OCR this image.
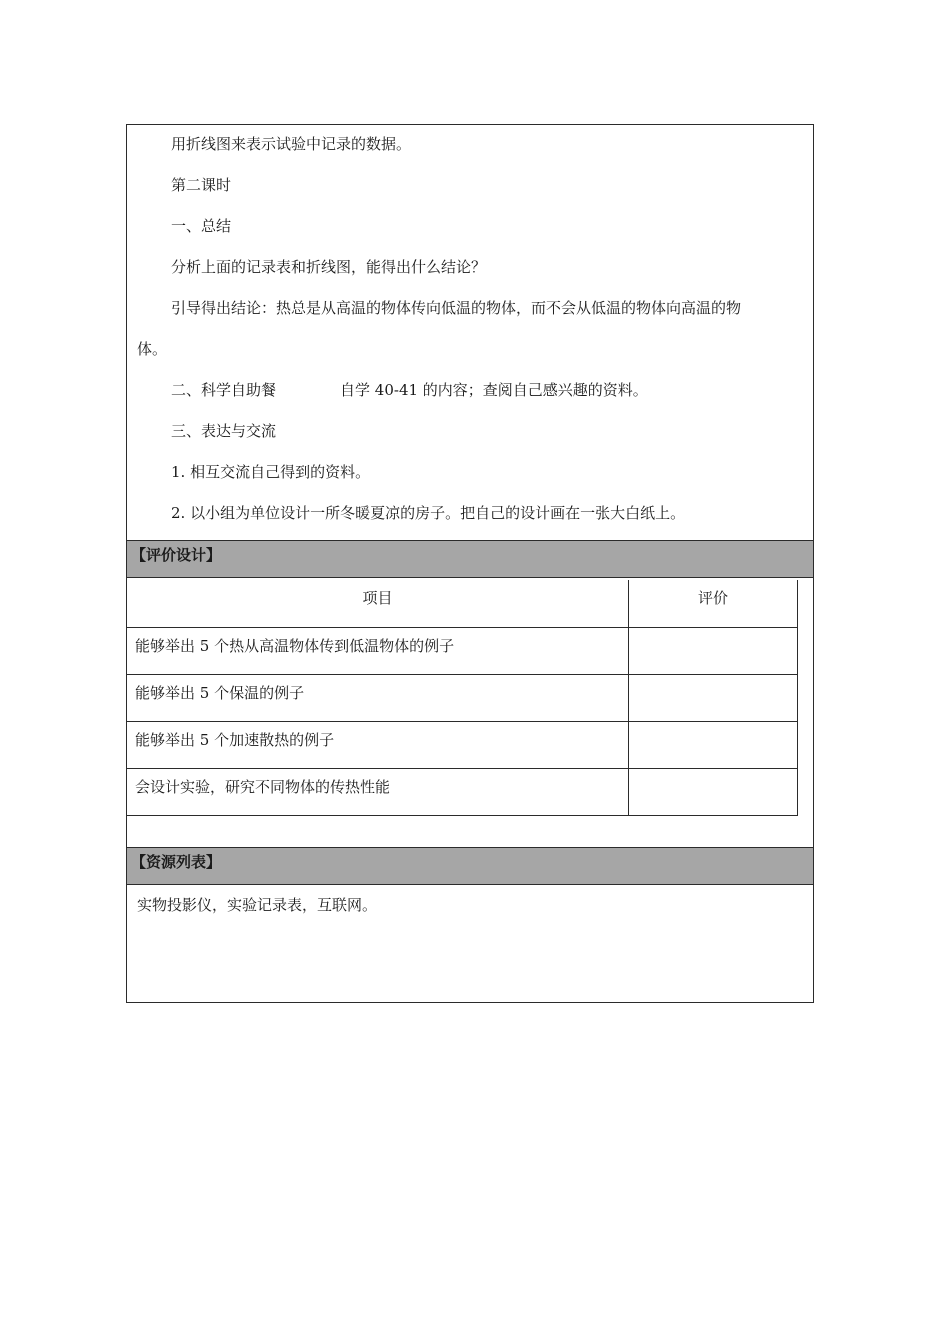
用折线图来表示试验中记录的数据。
第二课时
一、总结
分析上面的记录表和折线图，能得出什么结论？
引导得出结论：热总是从高温的物体传向低温的物体，而不会从低温的物体向高温的物
体。
二、科学自助餐	自学 40-41 的内容；查阅自己感兴趣的资料。
三、表达与交流
1. 相互交流自己得到的资料。
2. 以小组为单位设计一所冬暖夏凉的房子。把自己的设计画在一张大白纸上。
【评价设计】
项目	评价
能够举出 5 个热从高温物体传到低温物体的例子	
能够举出 5 个保温的例子	
能够举出 5 个加速散热的例子	
会设计实验，研究不同物体的传热性能	
【资源列表】
实物投影仪，实验记录表，互联网。
